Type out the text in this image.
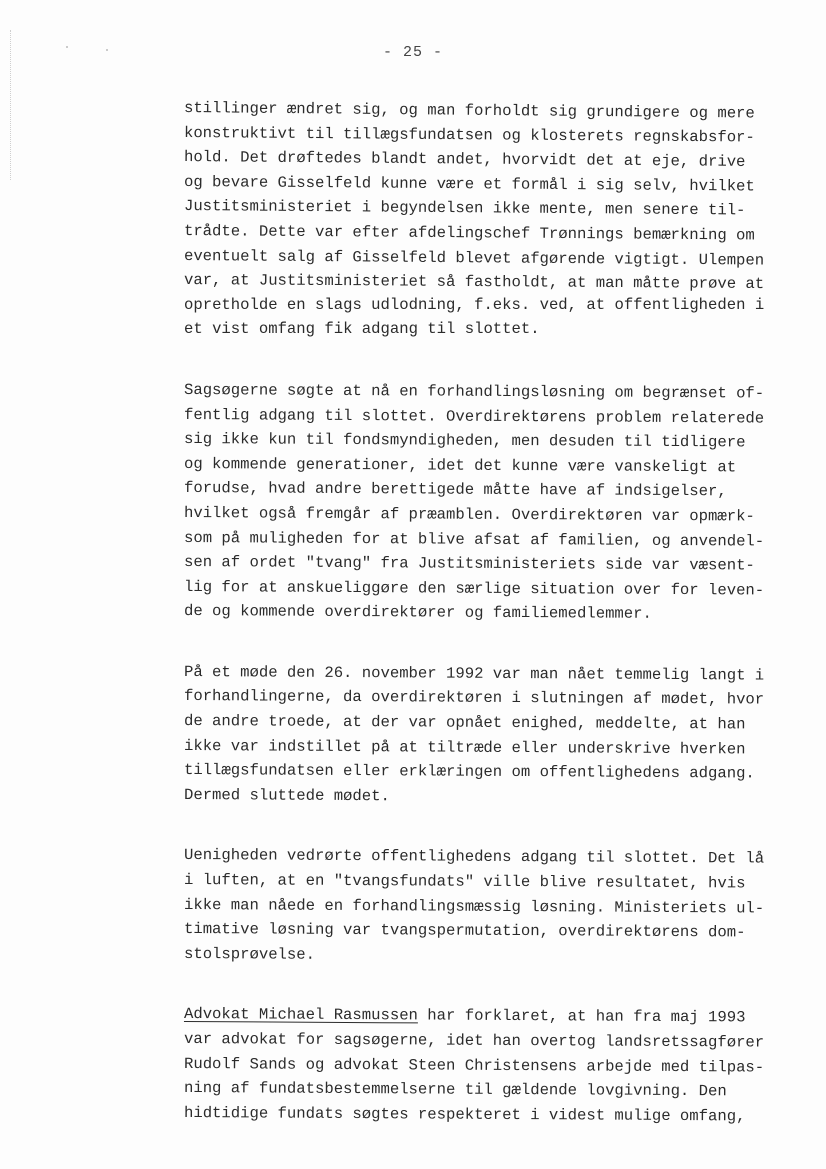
- 25 -
stillinger ændret sig, og man forholdt sig grundigere og mere
konstruktivt til tillægsfundatsen og klosterets regnskabsfor-
hold. Det drøftedes blandt andet, hvorvidt det at eje, drive
og bevare Gisselfeld kunne være et formål i sig selv, hvilket
Justitsministeriet i begyndelsen ikke mente, men senere til-
trådte. Dette var efter afdelingschef Trønnings bemærkning om
eventuelt salg af Gisselfeld blevet afgørende vigtigt. Ulempen
var, at Justitsministeriet så fastholdt, at man måtte prøve at
opretholde en slags udlodning, f.eks. ved, at offentligheden i
et vist omfang fik adgang til slottet.
Sagsøgerne søgte at nå en forhandlingsløsning om begrænset of-
fentlig adgang til slottet. Overdirektørens problem relaterede
sig ikke kun til fondsmyndigheden, men desuden til tidligere
og kommende generationer, idet det kunne være vanskeligt at
forudse, hvad andre berettigede måtte have af indsigelser,
hvilket også fremgår af præamblen. Overdirektøren var opmærk-
som på muligheden for at blive afsat af familien, og anvendel-
sen af ordet "tvang" fra Justitsministeriets side var væsent-
lig for at anskueliggøre den særlige situation over for leven-
de og kommende overdirektører og familiemedlemmer.
På et møde den 26. november 1992 var man nået temmelig langt i
forhandlingerne, da overdirektøren i slutningen af mødet, hvor
de andre troede, at der var opnået enighed, meddelte, at han
ikke var indstillet på at tiltræde eller underskrive hverken
tillægsfundatsen eller erklæringen om offentlighedens adgang.
Dermed sluttede mødet.
Uenigheden vedrørte offentlighedens adgang til slottet. Det lå
i luften, at en "tvangsfundats" ville blive resultatet, hvis
ikke man nåede en forhandlingsmæssig løsning. Ministeriets ul-
timative løsning var tvangspermutation, overdirektørens dom-
stolsprøvelse.
Advokat Michael Rasmussen har forklaret, at han fra maj 1993
var advokat for sagsøgerne, idet han overtog landsretssagfører
Rudolf Sands og advokat Steen Christensens arbejde med tilpas-
ning af fundatsbestemmelserne til gældende lovgivning. Den
hidtidige fundats søgtes respekteret i videst mulige omfang,
